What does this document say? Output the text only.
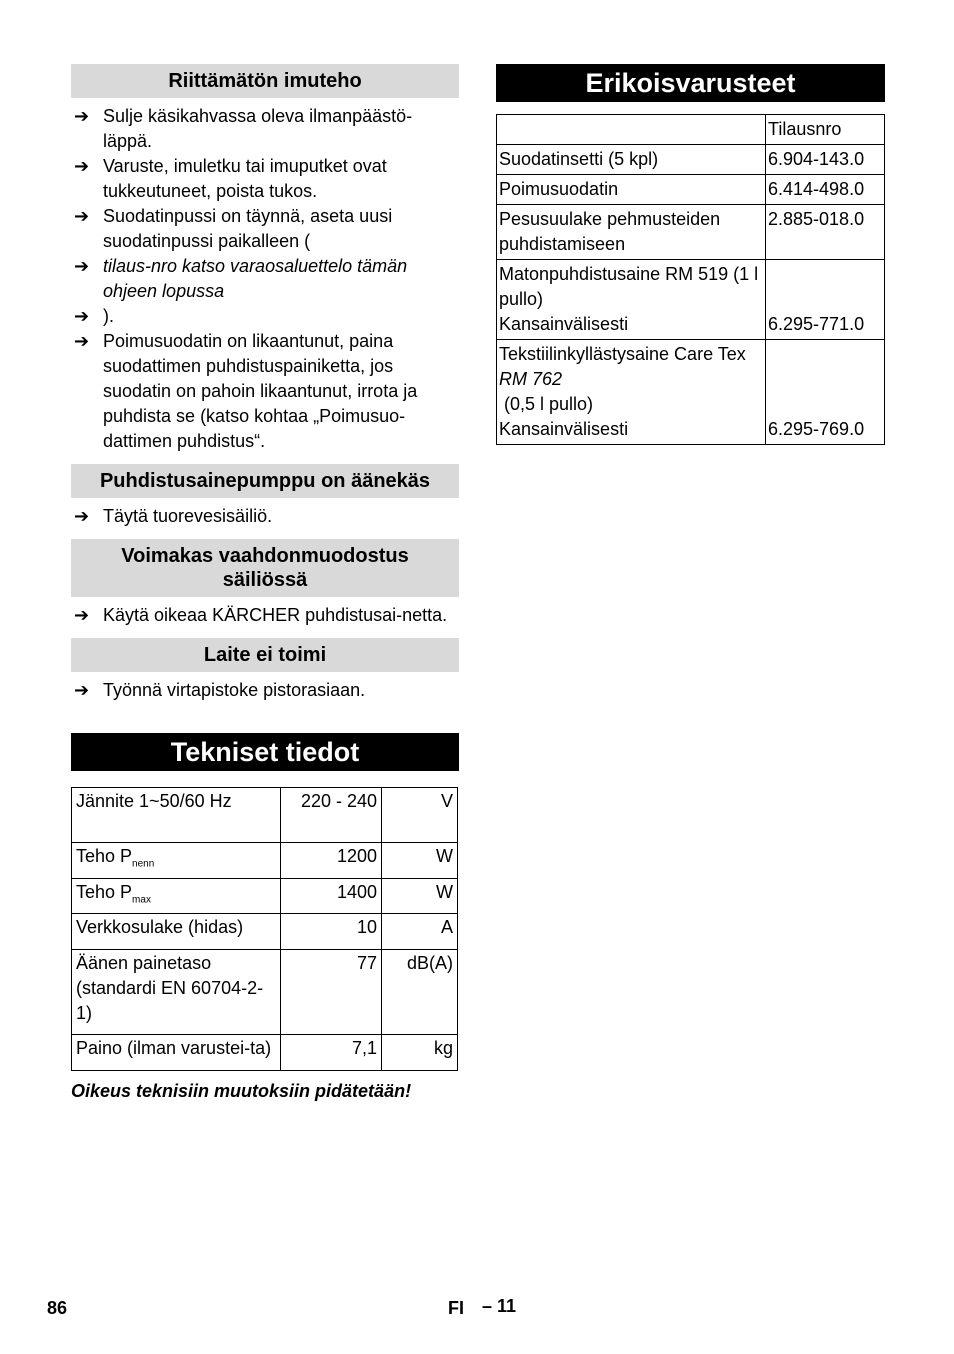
Riittämätön imuteho
➔ Sulje käsikahvassa oleva ilmanpäästö-läppä.
➔ Varuste, imuletku tai imuputket ovat tukkeutuneet, poista tukos.
➔ Suodatinpussi on täynnä, aseta uusi suodatinpussi paikalleen (
➔ tilaus-nro katso varaosaluettelo tämän ohjeen lopussa
➔ ).
➔ Poimusuodatin on likaantunut, paina suodattimen puhdistuspainiketta, jos suodatin on pahoin likaantunut, irrota ja puhdista se (katso kohtaa „Poimusuo-dattimen puhdistus“.
Puhdistusainepumppu on äänekäs
➔ Täytä tuorevesisäiliö.
Voimakas vaahdonmuodostus säiliössä
➔ Käytä oikeaa KÄRCHER puhdistusai-netta.
Laite ei toimi
➔ Työnnä virtapistoke pistorasiaan.
Tekniset tiedot
Jännite 1~50/60 Hz	220 - 240	V
Teho $P_{nenn}$	1200	W
Teho $P_{max}$	1400	W
Verkkosulake (hidas)	10	A
Äänen painetaso (standardi EN 60704-2-1)	77	dB(A)
Paino (ilman varustei-ta)	7,1	kg
Oikeus teknisiin muutoksiin pidätetään!
Erikoisvarusteet
	Tilausnro
Suodatinsetti (5 kpl)	6.904-143.0
Poimusuodatin	6.414-498.0
Pesusuulake pehmusteiden puhdistamiseen	2.885-018.0

Matonpuhdistusaine RM 519 (1 l pullo)
Kansainvälisesti	6.295-771.0

Tekstiilinkyllästysaine Care Tex
RM 762
(0,5 l pullo)
Kansainvälisesti	6.295-769.0
86	FI – 11
